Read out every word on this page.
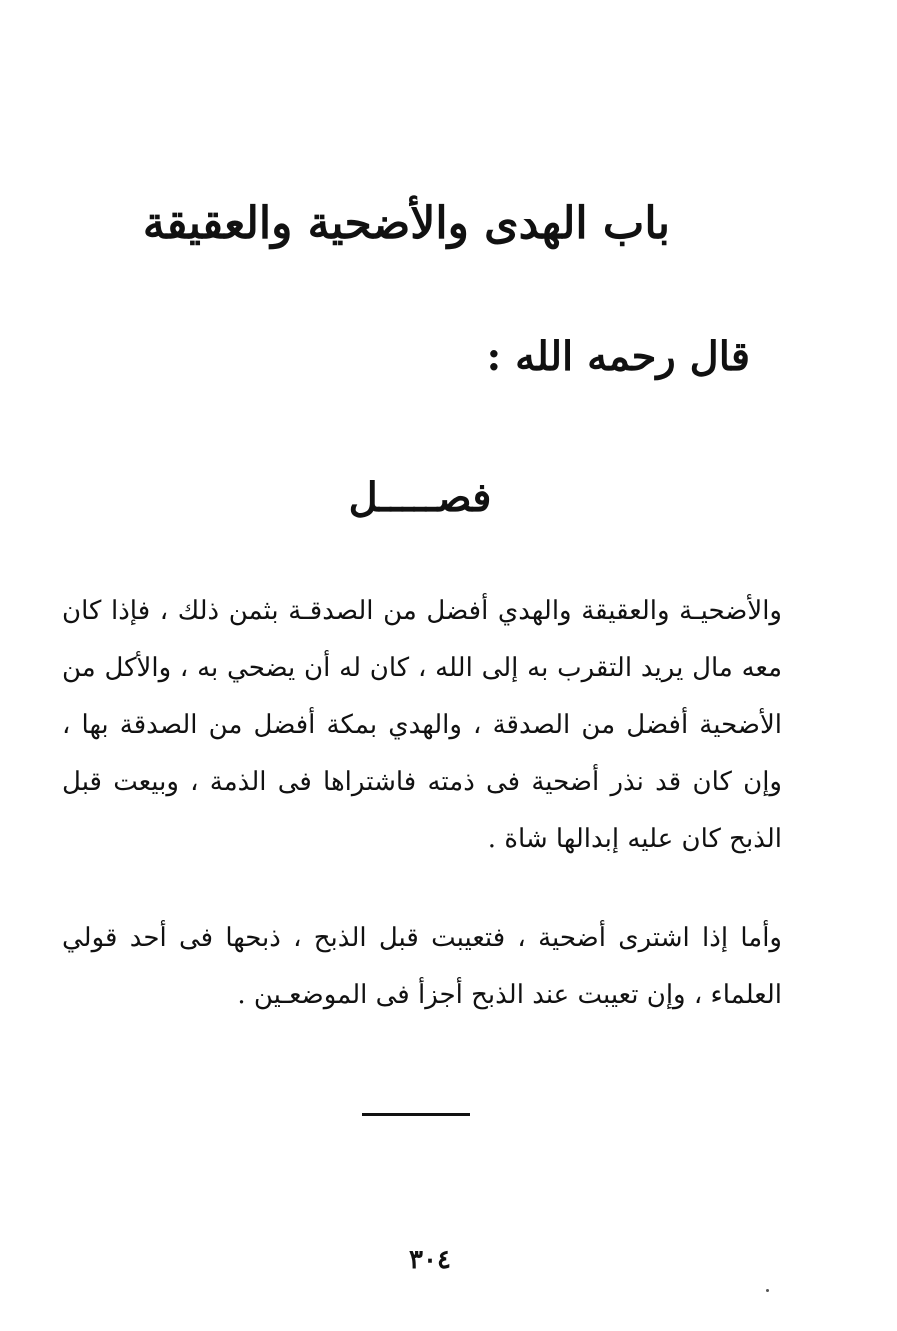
باب الهدى والأضحية والعقيقة
قال رحمه الله :
فصـــــل

والأضحيـة والعقيقة والهدي أفضل من الصدقـة بثمن ذلك ، فإذا كان معه مال يريد التقرب به إلى الله ، كان له أن يضحي به ، والأكل من الأضحية أفضل من الصدقة ، والهدي بمكة أفضل من الصدقة بها ، وإن كان قد نذر أضحية فى ذمته فاشتراها فى الذمة ، وبيعت قبل الذبح كان عليه إبدالها شاة .

وأما إذا اشترى أضحية ، فتعيبت قبل الذبح ، ذبحها فى أحد قولي العلماء ، وإن تعيبت عند الذبح أجزأ فى الموضعـين .

٣٠٤
